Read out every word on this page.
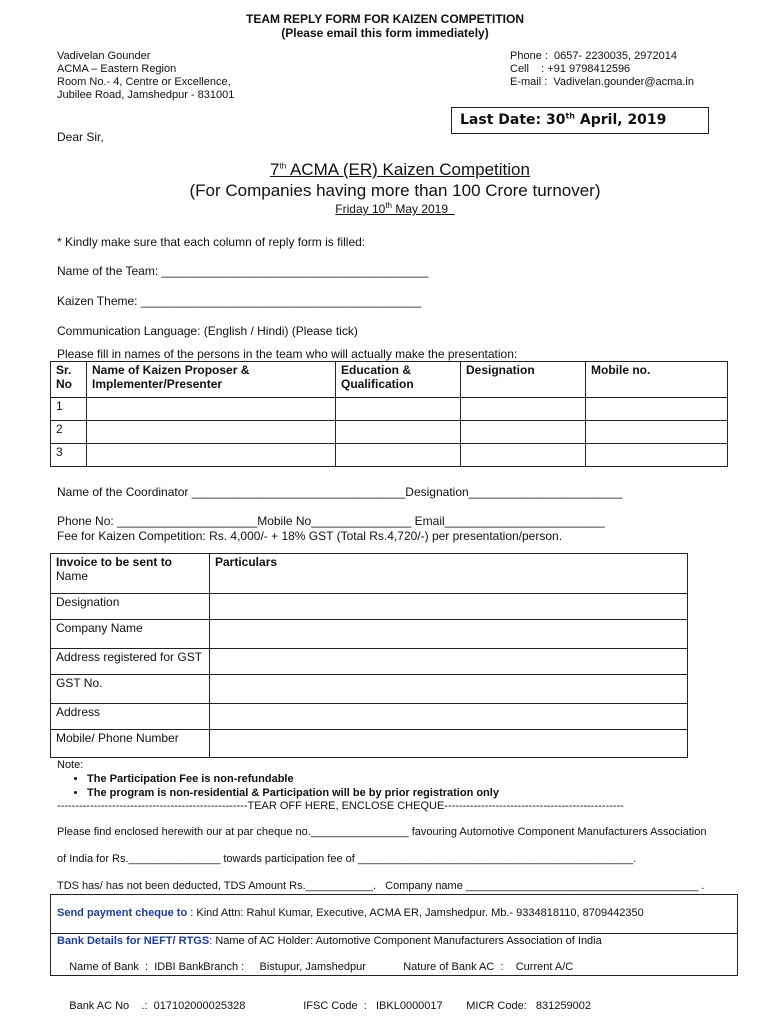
TEAM REPLY FORM FOR KAIZEN COMPETITION
(Please email this form immediately)
Vadivelan Gounder
ACMA – Eastern Region
Room No.- 4, Centre or Excellence,
Jubilee Road, Jamshedpur - 831001
Phone :  0657- 2230035, 2972014
Cell    : +91 9798412596
E-mail :  Vadivelan.gounder@acma.in
Last Date: 30th April, 2019
Dear Sir,
7th ACMA (ER) Kaizen Competition
(For Companies having more than 100 Crore turnover)
Friday 10th May 2019
* Kindly make sure that each column of reply form is filled:
Name of the Team: ________________________________________
Kaizen Theme: __________________________________________
Communication Language: (English / Hindi) (Please tick)
Please fill in names of the persons in the team who will actually make the presentation:
Sr. No	Name of Kaizen Proposer & Implementer/Presenter	Education & Qualification	Designation	Mobile no.
1				
2				
3				
Name of the Coordinator ________________________________Designation_______________________
Phone No: _____________________Mobile No_______________ Email________________________
Fee for Kaizen Competition: Rs. 4,000/- + 18% GST (Total Rs.4,720/-) per presentation/person.
Invoice to be sent to
Name	Particulars

Designation	
Company Name	
Address registered for GST	
GST No.	
Address	
Mobile/ Phone Number	
Note:
• The Participation Fee is non-refundable
• The program is non-residential & Participation will be by prior registration only
----------------------------------------------------TEAR OFF HERE, ENCLOSE CHEQUE-------------------------------------------------
Please find enclosed herewith our at par cheque no.________________ favouring Automotive Component Manufacturers Association
of India for Rs._______________ towards participation fee of _____________________________________________.
TDS has/ has not been deducted, TDS Amount Rs.___________.   Company name ______________________________________ .
Send payment cheque to : Kind Attn: Rahul Kumar, Executive, ACMA ER, Jamshedpur. Mb.- 9334818110, 8709442350
Bank Details for NEFT/ RTGS: Name of AC Holder: Automotive Component Manufacturers Association of India

Name of Bank  :  IDBI BankBranch :     Bistupur, Jamshedpur	Nature of Bank AC  :    Current A/C

Bank AC No    .:  017102000025328	IFSC Code  :   IBKL0000017 MICR Code:   831259002
